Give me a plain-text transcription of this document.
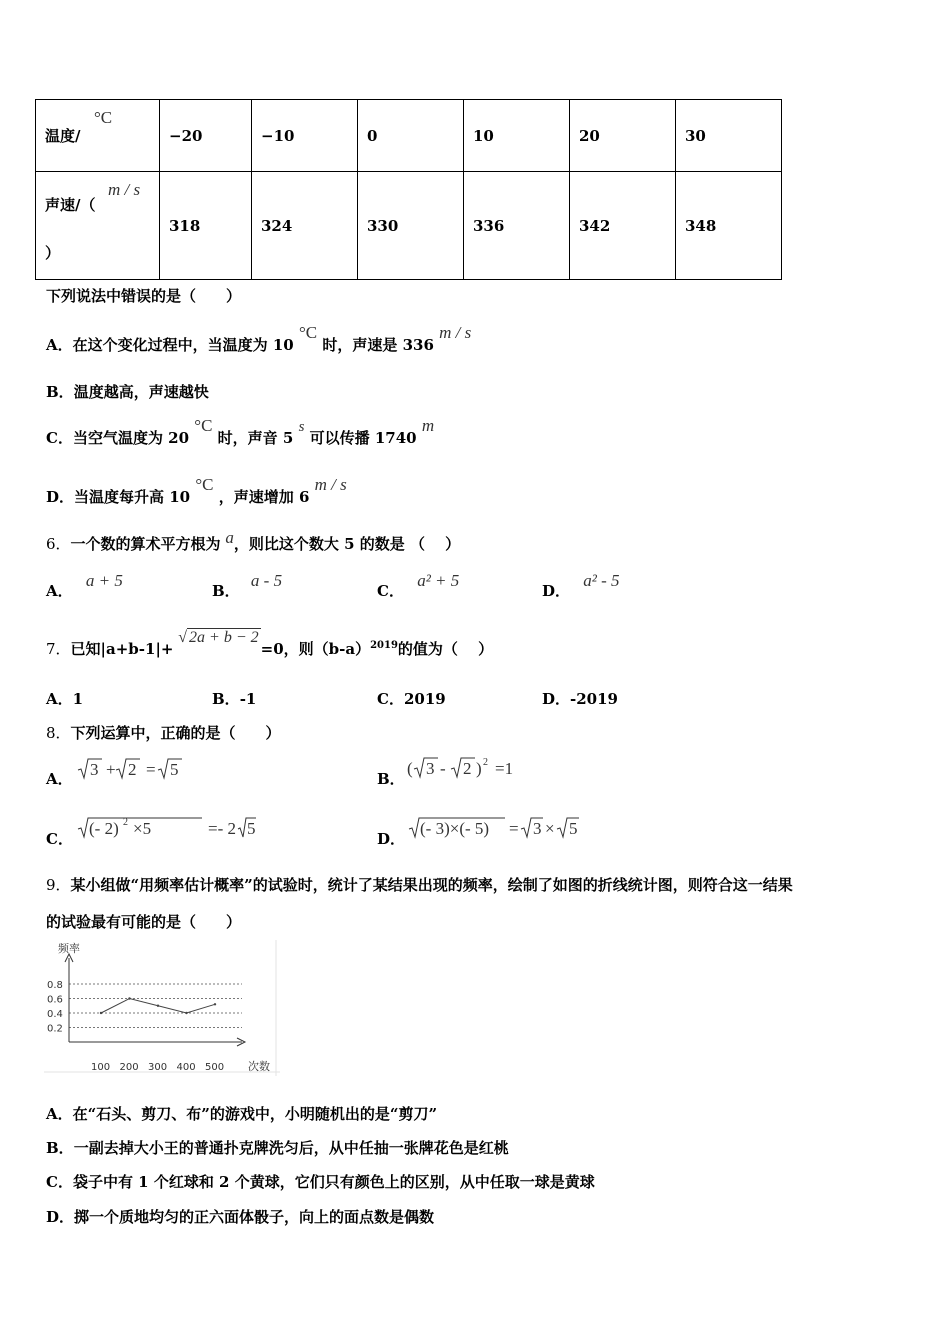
温度/
°C	−20	−10	0	10	20	30

声速/（
m / s
）	318	324	330	336	342	348
下列说法中错误的是（　　）
A．在这个变化过程中，当温度为 10 °C 时，声速是 336 m / s
B．温度越高，声速越快
C．当空气温度为 20 °C 时，声音 5 s 可以传播 1740 m
D．当温度每升高 10 °C ，声速增加 6 m / s
6．一个数的算术平方根为 a，则比这个数大 5 的数是 （　 ）
A． a + 5
B． a - 5
C． a² + 5
D． a² - 5
7．已知|a+b-1|+ √ 2a + b − 2=0，则$(b-a)^{2019}$的值为（　 ）
A．1	B．-1	C．2019	D．-2019
8．下列运算中，正确的是（　　）
A． 3 + 2 = 5	B．
( 3 - 2 ) 2 =1
C．
(- 2) 2 ×5	=- 2 5
D．
(- 3)×(- 5) = 3 × 5
9．某小组做“用频率估计概率”的试验时，统计了某结果出现的频率，绘制了如图的折线统计图，则符合这一结果
的试验最有可能的是（　　）
频率
次数
0.8
0.6
0.4
0.2
100 200 300 400 500
A．在“石头、剪刀、布”的游戏中，小明随机出的是“剪刀”
B．一副去掉大小王的普通扑克牌洗匀后，从中任抽一张牌花色是红桃
C．袋子中有 1 个红球和 2 个黄球，它们只有颜色上的区别，从中任取一球是黄球
D．掷一个质地均匀的正六面体骰子，向上的面点数是偶数
